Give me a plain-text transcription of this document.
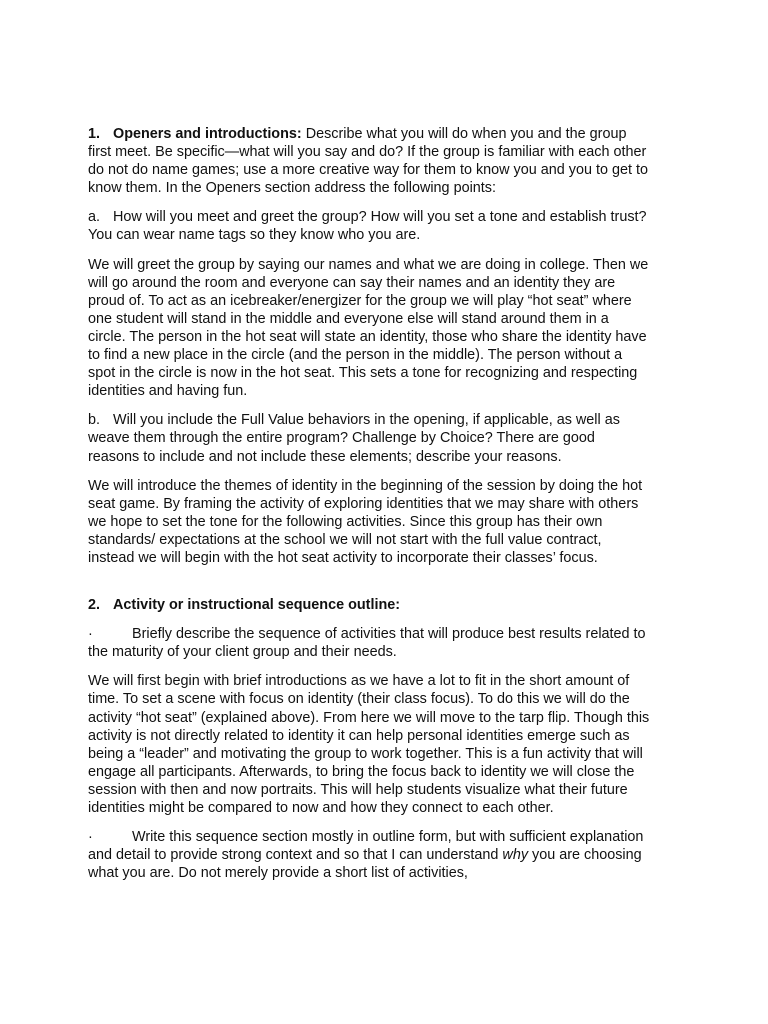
1. Openers and introductions: Describe what you will do when you and the group first meet. Be specific—what will you say and do? If the group is familiar with each other do not do name games; use a more creative way for them to know you and you to get to know them. In the Openers section address the following points:

a. How will you meet and greet the group? How will you set a tone and establish trust? You can wear name tags so they know who you are.

We will greet the group by saying our names and what we are doing in college. Then we will go around the room and everyone can say their names and an identity they are proud of. To act as an icebreaker/energizer for the group we will play “hot seat” where one student will stand in the middle and everyone else will stand around them in a circle. The person in the hot seat will state an identity, those who share the identity have to find a new place in the circle (and the person in the middle). The person without a spot in the circle is now in the hot seat. This sets a tone for recognizing and respecting identities and having fun.

b. Will you include the Full Value behaviors in the opening, if applicable, as well as weave them through the entire program? Challenge by Choice? There are good reasons to include and not include these elements; describe your reasons.

We will introduce the themes of identity in the beginning of the session by doing the hot seat game. By framing the activity of exploring identities that we may share with others we hope to set the tone for the following activities. Since this group has their own standards/ expectations at the school we will not start with the full value contract, instead we will begin with the hot seat activity to incorporate their classes’ focus.

2. Activity or instructional sequence outline:

·	Briefly describe the sequence of activities that will produce best results related to the maturity of your client group and their needs.

We will first begin with brief introductions as we have a lot to fit in the short amount of time. To set a scene with focus on identity (their class focus). To do this we will do the activity “hot seat” (explained above). From here we will move to the tarp flip. Though this activity is not directly related to identity it can help personal identities emerge such as being a “leader” and motivating the group to work together. This is a fun activity that will engage all participants. Afterwards, to bring the focus back to identity we will close the session with then and now portraits. This will help students visualize what their future identities might be compared to now and how they connect to each other.

·	Write this sequence section mostly in outline form, but with sufficient explanation and detail to provide strong context and so that I can understand why you are choosing what you are. Do not merely provide a short list of activities,
